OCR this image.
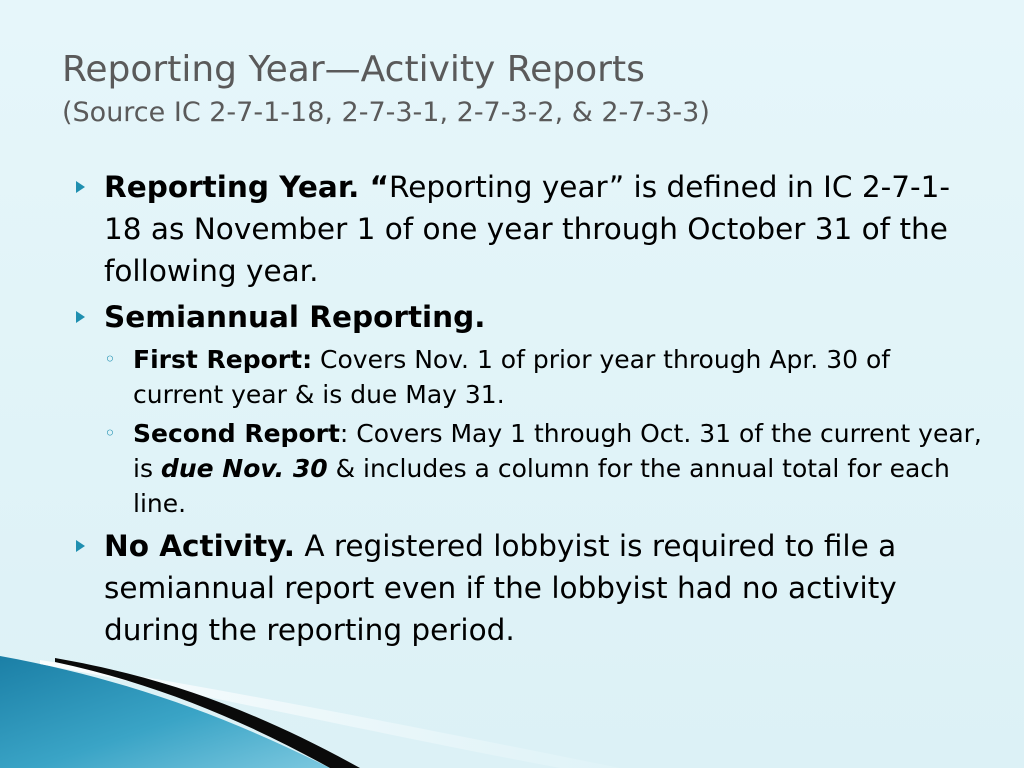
Reporting Year—Activity Reports
(Source IC 2-7-1-18, 2-7-3-1, 2-7-3-2, & 2-7-3-3)
Reporting Year. “Reporting year” is defined in IC 2-7-1-18 as November 1 of one year through October 31 of the following year.
Semiannual Reporting.
◦ First Report: Covers Nov. 1 of prior year through Apr. 30 of current year & is due May 31.
◦ Second Report: Covers May 1 through Oct. 31 of the current year, is due Nov. 30 & includes a column for the annual total for each line.
No Activity. A registered lobbyist is required to file a semiannual report even if the lobbyist had no activity during the reporting period.
